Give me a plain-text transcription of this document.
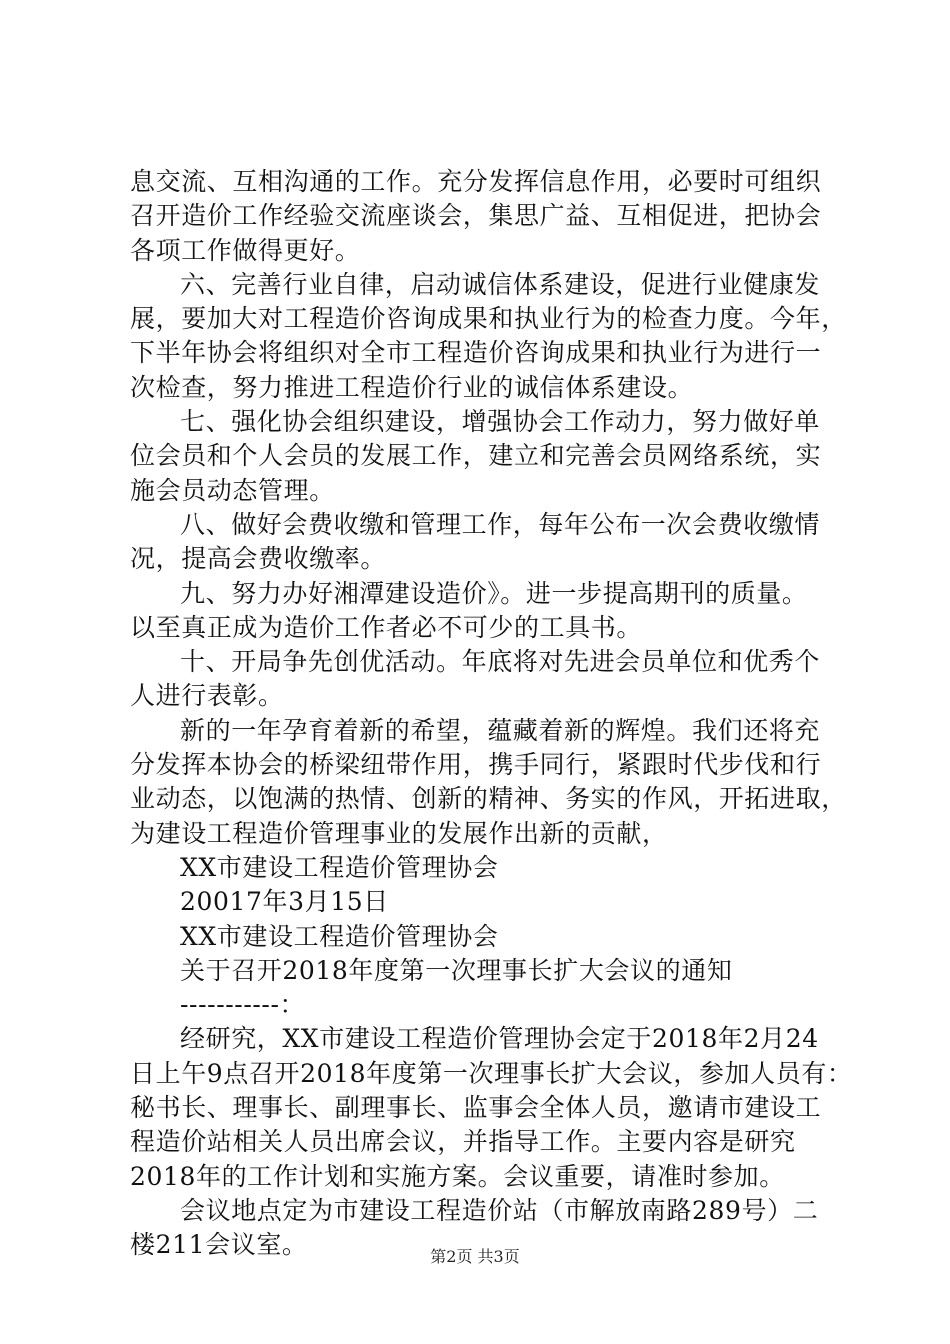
息交流、互相沟通的工作。充分发挥信息作用，必要时可组织
召开造价工作经验交流座谈会，集思广益、互相促进，把协会
各项工作做得更好。
六、完善行业自律，启动诚信体系建设，促进行业健康发
展，要加大对工程造价咨询成果和执业行为的检查力度。今年，
下半年协会将组织对全市工程造价咨询成果和执业行为进行一
次检查，努力推进工程造价行业的诚信体系建设。
七、强化协会组织建设，增强协会工作动力，努力做好单
位会员和个人会员的发展工作，建立和完善会员网络系统，实
施会员动态管理。
八、做好会费收缴和管理工作，每年公布一次会费收缴情
况，提高会费收缴率。
九、努力办好湘潭建设造价》。进一步提高期刊的质量。
以至真正成为造价工作者必不可少的工具书。
十、开局争先创优活动。年底将对先进会员单位和优秀个
人进行表彰。
新的一年孕育着新的希望，蕴藏着新的辉煌。我们还将充
分发挥本协会的桥梁纽带作用，携手同行，紧跟时代步伐和行
业动态，以饱满的热情、创新的精神、务实的作风，开拓进取，
为建设工程造价管理事业的发展作出新的贡献，
XX市建设工程造价管理协会
20017年3月15日
XX市建设工程造价管理协会
关于召开2018年度第一次理事长扩大会议的通知
-----------：
经研究，XX市建设工程造价管理协会定于2018年2月24
日上午9点召开2018年度第一次理事长扩大会议，参加人员有：
秘书长、理事长、副理事长、监事会全体人员，邀请市建设工
程造价站相关人员出席会议，并指导工作。主要内容是研究
2018年的工作计划和实施方案。会议重要，请准时参加。
会议地点定为市建设工程造价站（市解放南路289号）二
楼211会议室。	第2页 共3页
